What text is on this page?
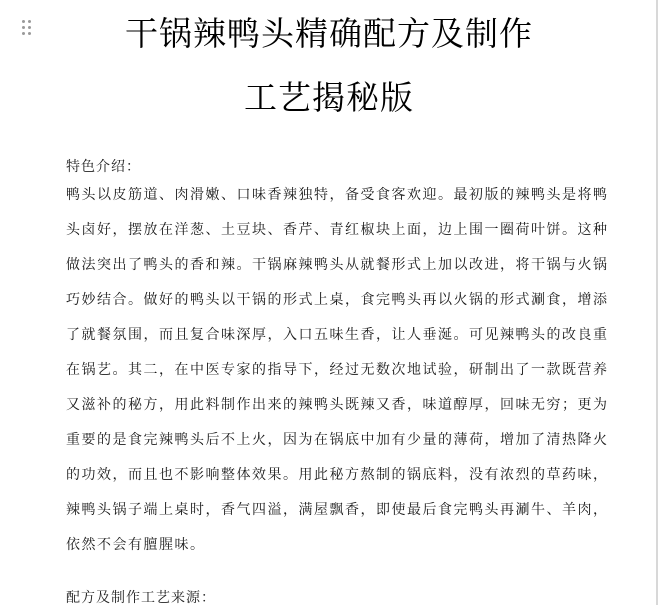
干锅辣鸭头精确配方及制作
工艺揭秘版
特色介绍：
鸭头以皮筋道、肉滑嫩、口味香辣独特，备受食客欢迎。最初版的辣鸭头是将鸭
头卤好，摆放在洋葱、土豆块、香芹、青红椒块上面，边上围一圈荷叶饼。这种
做法突出了鸭头的香和辣。干锅麻辣鸭头从就餐形式上加以改进，将干锅与火锅
巧妙结合。做好的鸭头以干锅的形式上桌，食完鸭头再以火锅的形式涮食，增添
了就餐氛围，而且复合味深厚，入口五味生香，让人垂涎。可见辣鸭头的改良重
在锅艺。其二，在中医专家的指导下，经过无数次地试验，研制出了一款既营养
又滋补的秘方，用此料制作出来的辣鸭头既辣又香，味道醇厚，回味无穷；更为
重要的是食完辣鸭头后不上火，因为在锅底中加有少量的薄荷，增加了清热降火
的功效，而且也不影响整体效果。用此秘方熬制的锅底料，没有浓烈的草药味，
辣鸭头锅子端上桌时，香气四溢，满屋飘香，即使最后食完鸭头再涮牛、羊肉，
依然不会有膻腥味。
配方及制作工艺来源：
